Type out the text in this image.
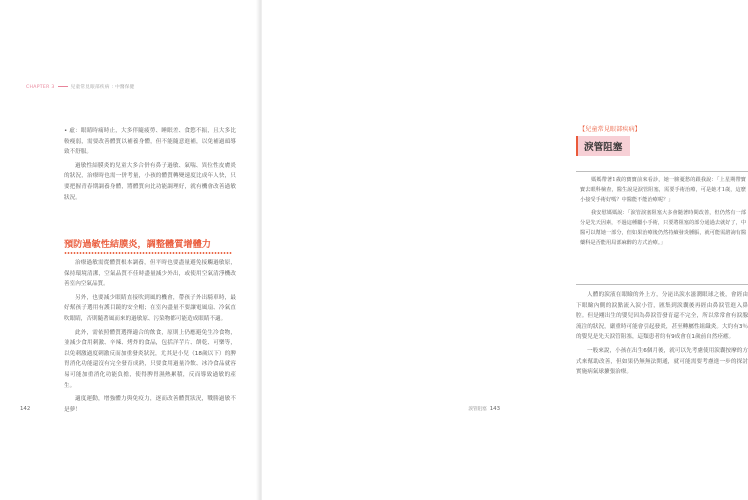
CHAPTER 3	兒童常見眼部疾病 : 中醫保健

• 虛：眼睛時痛時止，大多伴隨疲勞、睡眠差、食慾不振，且大多比較瘦弱，需要改善體質以補養身體，但不能隨意進補，以免補過頭導致不舒服。

過敏性結膜炎的兒童大多合併有鼻子過敏、氣喘、異位性皮膚炎的狀況，治療時也需一併考量，小孩的體質轉變速度比成年人快，只要把握青春期調養身體，將體質向比功能調理好，就有機會改善過敏狀況。

預防過敏性結膜炎，調整體質增體力

治療過敏需從體質根本調養，但平時也要盡量避免接觸過敏原，保持環境清潔，空氣品質不佳時盡量減少外出，或使用空氣清淨機改善室內空氣品質。

另外，也要減少眼睛直接吹到風的機會，帶孩子外出騎車時，最好幫孩子選用有護目鏡的安全帽；在室內盡量不要讓電風扇、冷氣直吹眼睛，否則隨著風而來的過敏原、污染物都可能造成眼睛不適。

此外，需依照體質選擇適合的飲食，原則上仍應避免生冷食物，並減少食用刺激、辛辣、烤炸的食品，包括洋芋片、餅乾、可樂等，以免刺激過度刺激反而加重發炎狀況，尤其是小兒（18歲以下）的脾胃消化功能還沒有完全發育成熟，只要食用過量冷飲、冰冷食品就容易可能加重消化功能負擔，使得脾胃濕熱累積，反而導致過敏的產生。

適度運動，增強體力與免疫力，逐而改善體質狀況，戰勝過敏不是夢！

142
【兒童常見眼部疾病】
淚管阻塞

媽媽帶著1歲的寶寶前來看診，她一臉憂愁的跟我說：「上星期帶寶寶去眼科檢查，醫生說是淚管阻塞，需要手術治療，可是她才1歲，這麼小接受手術好嗎？中醫能不能治療呢？」

我安慰媽媽說：「淚管淚塞阻塞大多會隨著時間改善，但仍然有一部分是先天因素，不過這種屬小手術，只要將阻塞的部分通過去就好了，中醫可以幫她一部分，但如果治療後仍然持續發炎腫脹，就可能需諮詢有醫藥科是否能用局部麻醉的方式治療。」

人體的淚液在眼瞼的外上方，分泌出淚水滋潤眼球之後，會經由下眼瞼內側的淚點流入淚小管，匯集到淚囊後再經由鼻淚管進入鼻腔。但是剛出生的嬰兒因為鼻淚管發育還不完全，所以常常會有淚腺流注的狀況，嚴重時可能會引起發炎，甚至轉屬性組織炎。大約有3％的嬰兒是先天淚管阻塞，這類患者約有9成會在1歲前自然痊癒。

一般來說，小孩在出生6個月後，就可以先考慮使用淚囊按摩的方式來幫助改善，但如果仍無無法開通，就可能需要考慮進一步的探討實施病氣球擴張治療。

淚管阻塞 143
